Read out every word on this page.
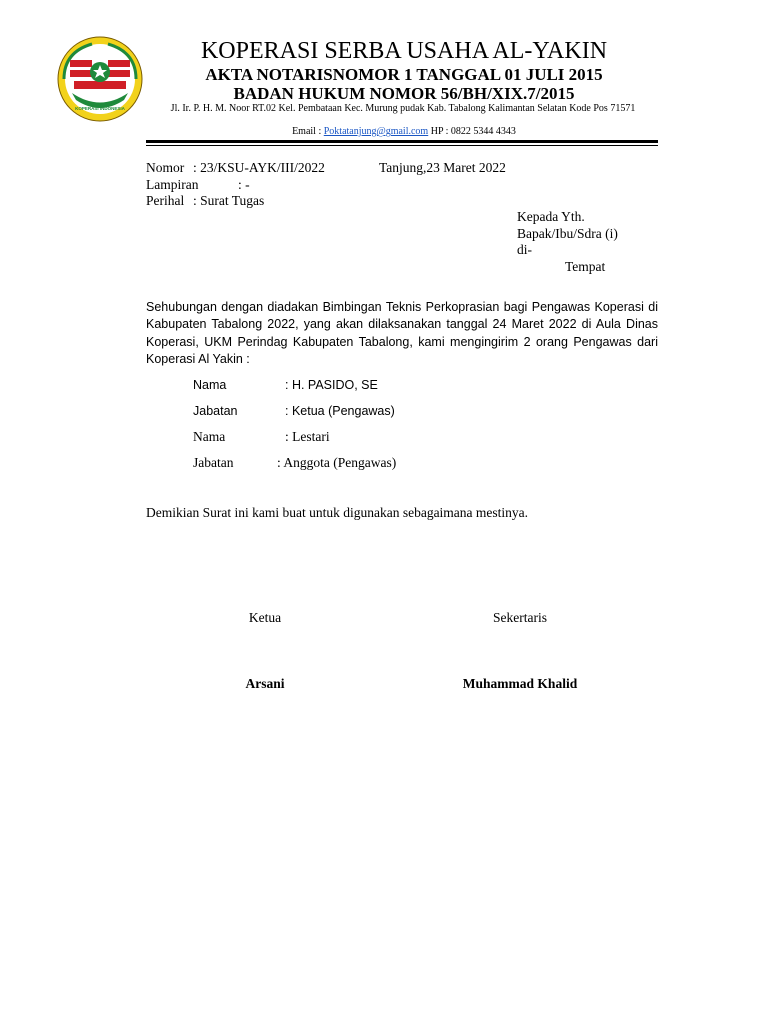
KOPERASI INDONESIA
KOPERASI SERBA USAHA AL-YAKIN
AKTA NOTARISNOMOR 1 TANGGAL 01 JULI 2015
BADAN HUKUM NOMOR 56/BH/XIX.7/2015
Jl. Ir. P. H. M. Noor RT.02 Kel. Pembataan Kec. Murung pudak Kab. Tabalong Kalimantan Selatan Kode Pos 71571
Email : Poktatanjung@gmail.com HP : 0822 5344 4343
Nomor : 23/KSU-AYK/III/2022	Tanjung,23 Maret 2022
Lampiran	: -
Perihal : Surat Tugas
Kepada Yth.
Bapak/Ibu/Sdra (i)
di-
Tempat
Sehubungan dengan diadakan Bimbingan Teknis Perkoprasian bagi Pengawas Koperasi di Kabupaten Tabalong 2022, yang akan dilaksanakan tanggal 24 Maret 2022 di Aula Dinas Koperasi, UKM Perindag Kabupaten Tabalong, kami mengingirim 2 orang Pengawas dari Koperasi Al Yakin :
Nama	: H. PASIDO, SE
Jabatan	: Ketua (Pengawas)
Nama	: Lestari
Jabatan	: Anggota (Pengawas)
Demikian Surat ini kami buat untuk digunakan sebagaimana mestinya.
Ketua	Sekertaris
Arsani	Muhammad Khalid
